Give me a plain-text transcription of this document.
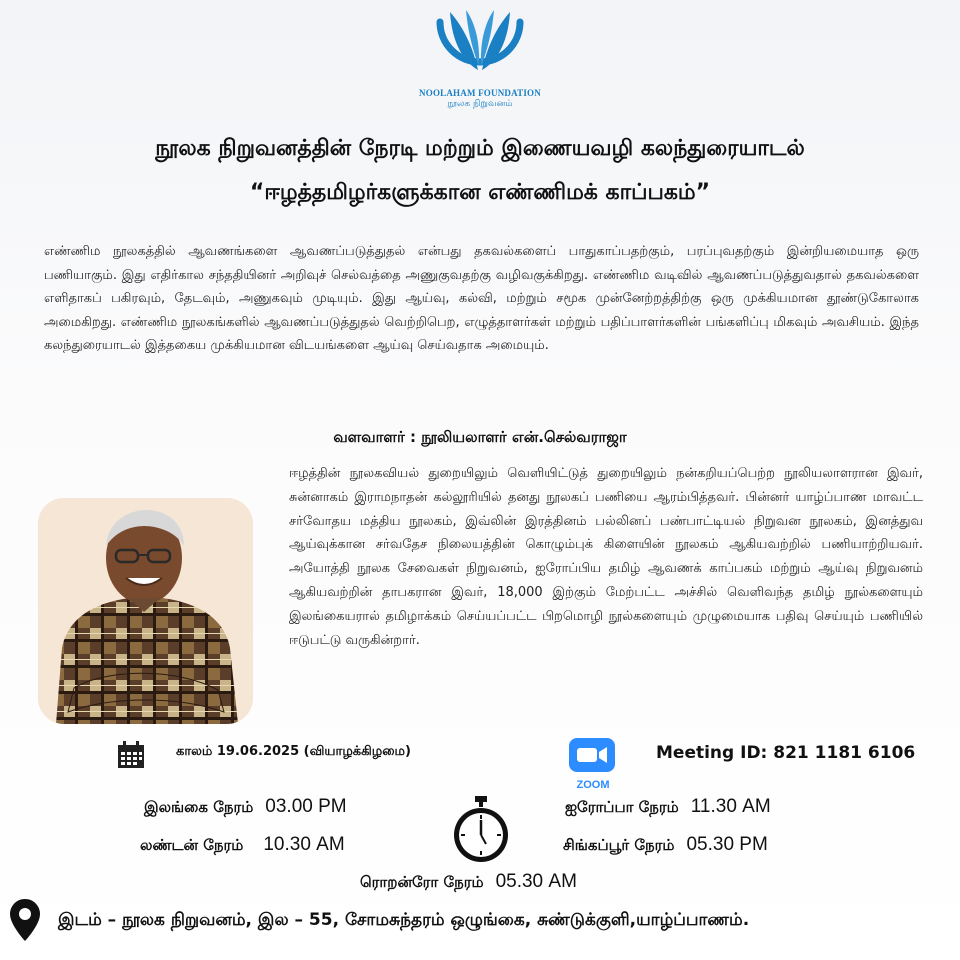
NOOLAHAM FOUNDATION
நூலக நிறுவனம்
நூலக நிறுவனத்தின் நேரடி மற்றும் இணையவழி கலந்துரையாடல்
“ஈழத்தமிழர்களுக்கான எண்ணிமக் காப்பகம்”

எண்ணிம நூலகத்தில் ஆவணங்களை ஆவணப்படுத்துதல் என்பது தகவல்களைப் பாதுகாப்பதற்கும், பரப்புவதற்கும் இன்றியமையாத ஒரு பணியாகும். இது எதிர்கால சந்ததியினர் அறிவுச் செல்வத்தை அணுகுவதற்கு வழிவகுக்கிறது. எண்ணிம வடிவில் ஆவணப்படுத்துவதால் தகவல்களை எளிதாகப் பகிரவும், தேடவும், அணுகவும் முடியும். இது ஆய்வு, கல்வி, மற்றும் சமூக முன்னேற்றத்திற்கு ஒரு முக்கியமான தூண்டுகோலாக அமைகிறது. எண்ணிம நூலகங்களில் ஆவணப்படுத்துதல் வெற்றிபெற, எழுத்தாளர்கள் மற்றும் பதிப்பாளர்களின் பங்களிப்பு மிகவும் அவசியம். இந்த கலந்துரையாடல் இத்தகைய முக்கியமான விடயங்களை ஆய்வு செய்வதாக அமையும்.

வளவாளர் : நூலியலாளர் என்.செல்வராஜா

ஈழத்தின் நூலகவியல் துறையிலும் வெளியிட்டுத் துறையிலும் நன்கறியப்பெற்ற நூலியலாளரான இவர், சுன்னாகம் இராமநாதன் கல்லூரியில் தனது நூலகப் பணியை ஆரம்பித்தவர். பின்னர் யாழ்ப்பாண மாவட்ட சர்வோதய மத்திய நூலகம், இவ்லின் இரத்தினம் பல்லினப் பண்பாட்டியல் நிறுவன நூலகம், இனத்துவ ஆய்வுக்கான சர்வதேச நிலையத்தின் கொழும்புக் கிளையின் நூலகம் ஆகியவற்றில் பணியாற்றியவர். அயோத்தி நூலக சேவைகள் நிறுவனம், ஐரோப்பிய தமிழ் ஆவணக் காப்பகம் மற்றும் ஆய்வு நிறுவனம் ஆகியவற்றின் தாபகரான இவர், 18,000 இற்கும் மேற்பட்ட அச்சில் வெளிவந்த தமிழ் நூல்களையும் இலங்கையரால் தமிழாக்கம் செய்யப்பட்ட பிறமொழி நூல்களையும் முழுமையாக பதிவு செய்யும் பணியில் ஈடுபட்டு வருகின்றார்.

காலம் 19.06.2025 (வியாழக்கிழமை)
ZOOM
Meeting ID: 821 1181 6106
இலங்கை நேரம் 03.00 PM	ஐரோப்பா நேரம் 11.30 AM
லண்டன் நேரம் 10.30 AM	சிங்கப்பூர் நேரம் 05.30 PM
ரொறன்ரோ நேரம் 05.30 AM
இடம் – நூலக நிறுவனம், இல – 55, சோமசுந்தரம் ஒழுங்கை, சுண்டுக்குளி,யாழ்ப்பாணம்.
